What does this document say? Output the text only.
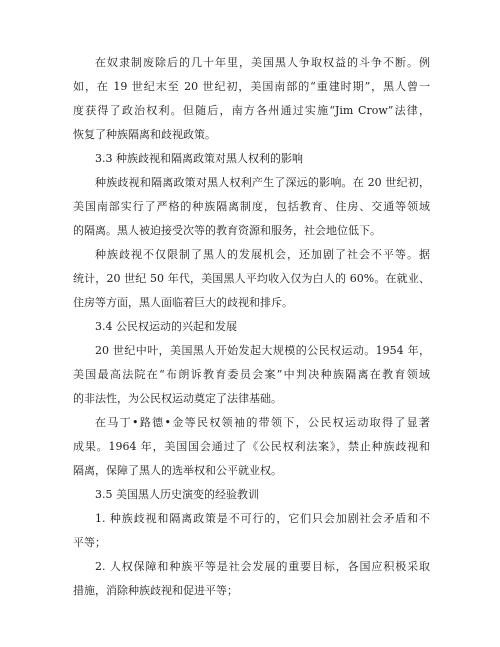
在奴隶制废除后的几十年里，美国黑人争取权益的斗争不断。例
如，在 19 世纪末至 20 世纪初，美国南部的“重建时期”，黑人曾一
度获得了政治权利。但随后，南方各州通过实施“Jim Crow”法律，
恢复了种族隔离和歧视政策。
3.3 种族歧视和隔离政策对黑人权利的影响
种族歧视和隔离政策对黑人权利产生了深远的影响。在 20 世纪初，
美国南部实行了严格的种族隔离制度，包括教育、住房、交通等领域
的隔离。黑人被迫接受次等的教育资源和服务，社会地位低下。
种族歧视不仅限制了黑人的发展机会，还加剧了社会不平等。据
统计，20 世纪 50 年代，美国黑人平均收入仅为白人的 60%。在就业、
住房等方面，黑人面临着巨大的歧视和排斥。
3.4 公民权运动的兴起和发展
20 世纪中叶，美国黑人开始发起大规模的公民权运动。1954 年，
美国最高法院在“布朗诉教育委员会案”中判决种族隔离在教育领域
的非法性，为公民权运动奠定了法律基础。
在马丁•路德•金等民权领袖的带领下，公民权运动取得了显著
成果。1964 年，美国国会通过了《公民权利法案》，禁止种族歧视和
隔离，保障了黑人的选举权和公平就业权。
3.5 美国黑人历史演变的经验教训
1. 种族歧视和隔离政策是不可行的，它们只会加剧社会矛盾和不
平等；
2. 人权保障和种族平等是社会发展的重要目标，各国应积极采取
措施，消除种族歧视和促进平等；
